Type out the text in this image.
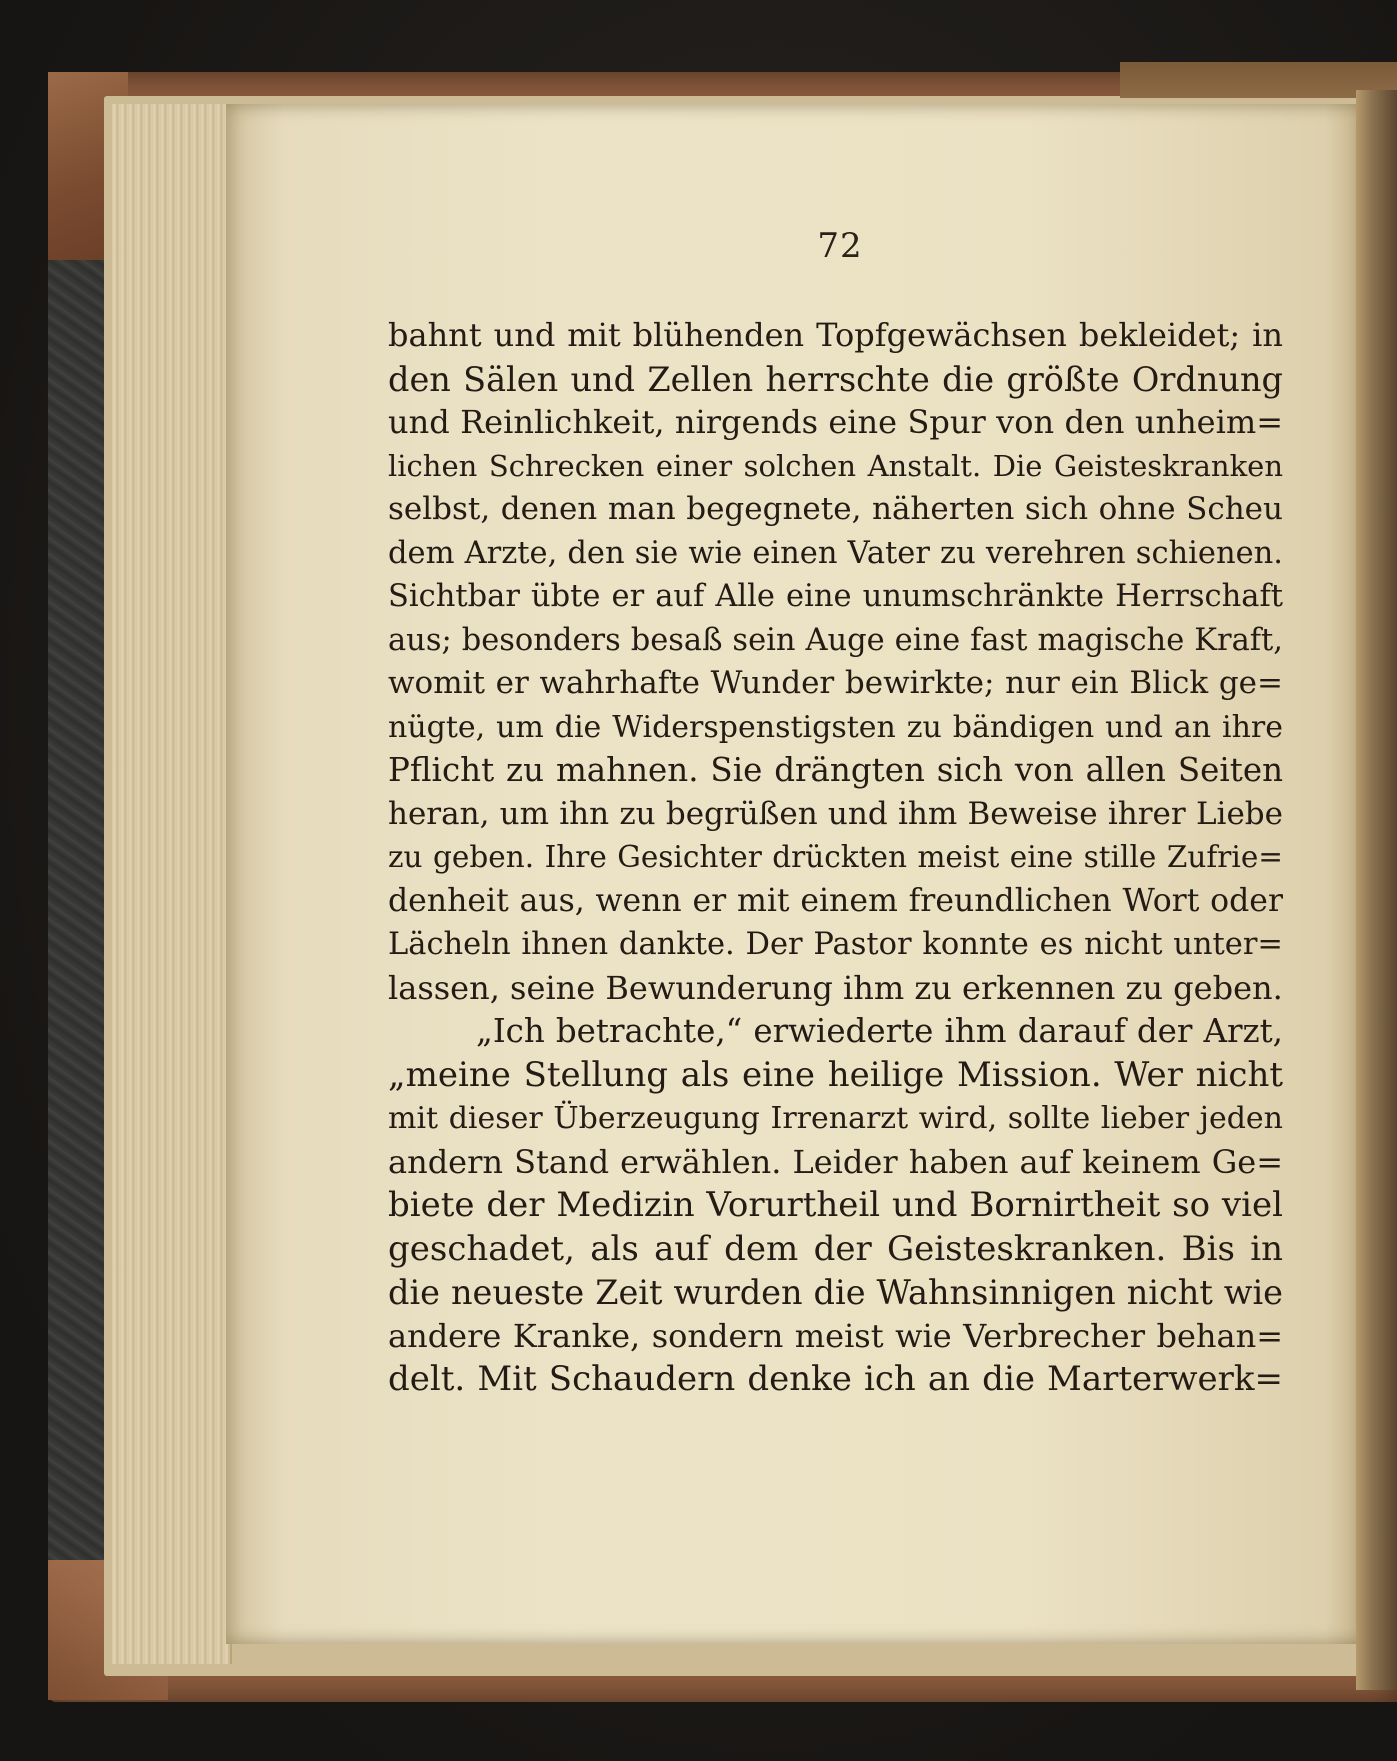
72
bahnt und mit blühenden Topfgewächsen bekleidet; in
den Sälen und Zellen herrschte die größte Ordnung
und Reinlichkeit, nirgends eine Spur von den unheim=
lichen Schrecken einer solchen Anstalt. Die Geisteskranken
selbst, denen man begegnete, näherten sich ohne Scheu
dem Arzte, den sie wie einen Vater zu verehren schienen.
Sichtbar übte er auf Alle eine unumschränkte Herrschaft
aus; besonders besaß sein Auge eine fast magische Kraft,
womit er wahrhafte Wunder bewirkte; nur ein Blick ge=
nügte, um die Widerspenstigsten zu bändigen und an ihre
Pflicht zu mahnen. Sie drängten sich von allen Seiten
heran, um ihn zu begrüßen und ihm Beweise ihrer Liebe
zu geben. Ihre Gesichter drückten meist eine stille Zufrie=
denheit aus, wenn er mit einem freundlichen Wort oder
Lächeln ihnen dankte. Der Pastor konnte es nicht unter=
lassen, seine Bewunderung ihm zu erkennen zu geben.
„Ich betrachte,“ erwiederte ihm darauf der Arzt,
„meine Stellung als eine heilige Mission. Wer nicht
mit dieser Überzeugung Irrenarzt wird, sollte lieber jeden
andern Stand erwählen. Leider haben auf keinem Ge=
biete der Medizin Vorurtheil und Bornirtheit so viel
geschadet, als auf dem der Geisteskranken. Bis in
die neueste Zeit wurden die Wahnsinnigen nicht wie
andere Kranke, sondern meist wie Verbrecher behan=
delt. Mit Schaudern denke ich an die Marterwerk=
